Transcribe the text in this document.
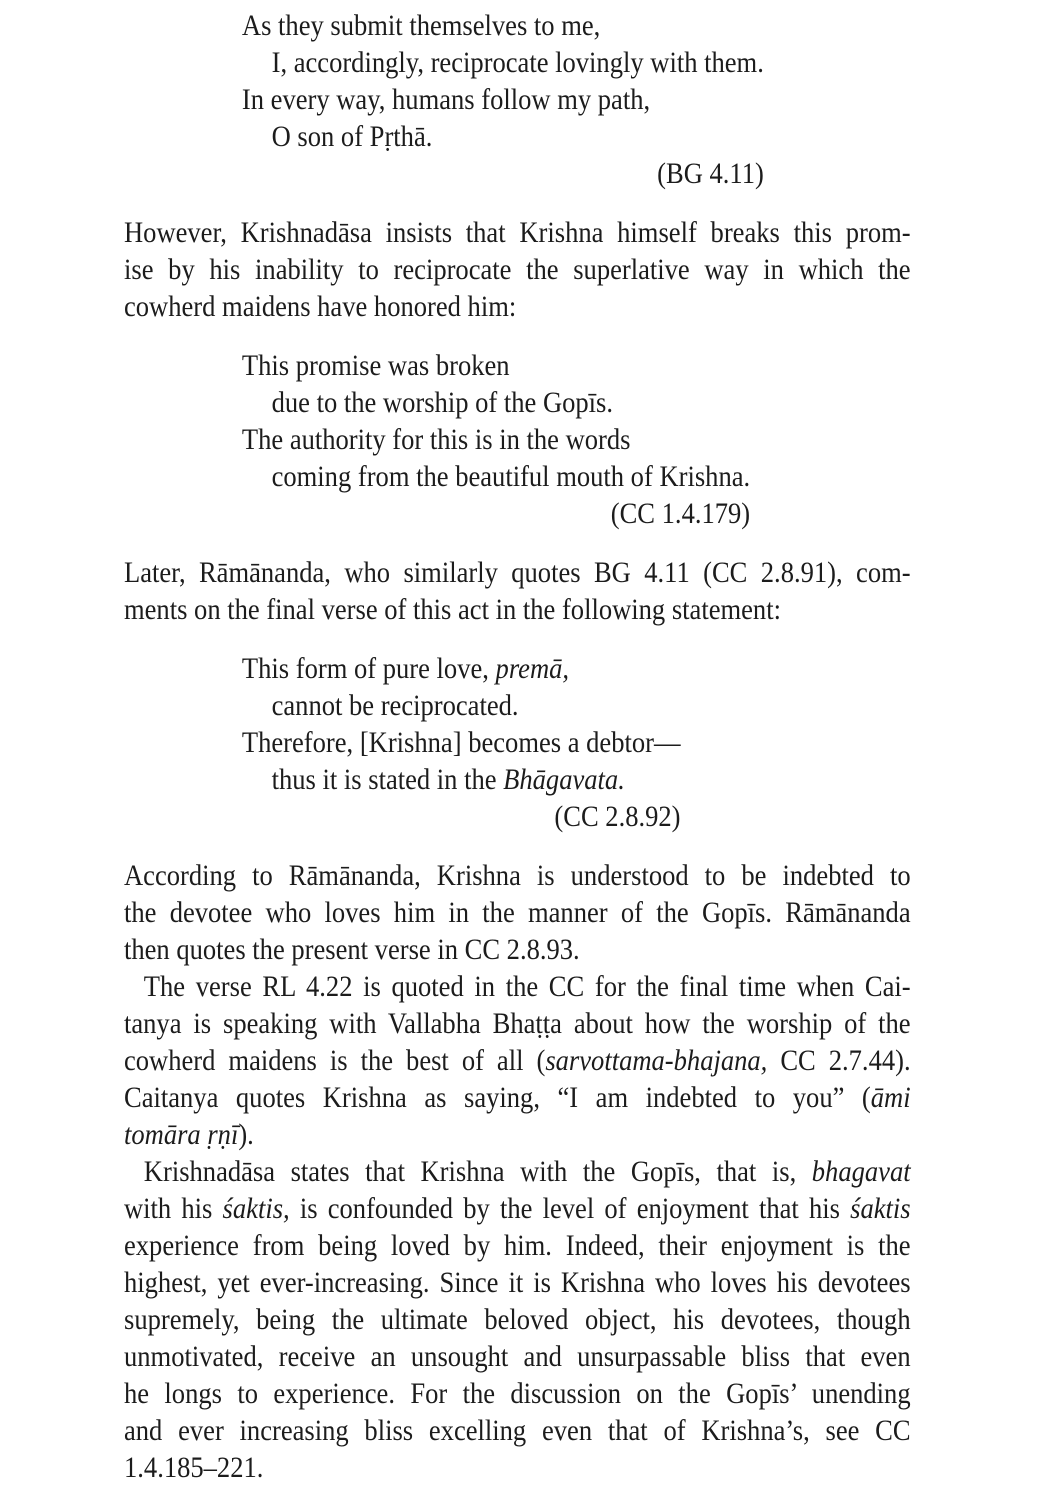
As they submit themselves to me,
I, accordingly, reciprocate lovingly with them.
In every way, humans follow my path,
O son of Pṛthā.
(BG 4.11)
However, Krishnadāsa insists that Krishna himself breaks this prom-
ise by his inability to reciprocate the superlative way in which the
cowherd maidens have honored him:
This promise was broken
due to the worship of the Gopīs.
The authority for this is in the words
coming from the beautiful mouth of Krishna.
(CC 1.4.179)
Later, Rāmānanda, who similarly quotes BG 4.11 (CC 2.8.91), com-
ments on the final verse of this act in the following statement:
This form of pure love, premā,
cannot be reciprocated.
Therefore, [Krishna] becomes a debtor—
thus it is stated in the Bhāgavata.
(CC 2.8.92)
According to Rāmānanda, Krishna is understood to be indebted to
the devotee who loves him in the manner of the Gopīs. Rāmānanda
then quotes the present verse in CC 2.8.93.
The verse RL 4.22 is quoted in the CC for the final time when Cai-
tanya is speaking with Vallabha Bhaṭṭa about how the worship of the
cowherd maidens is the best of all (sarvottama-bhajana, CC 2.7.44).
Caitanya quotes Krishna as saying, “I am indebted to you” (āmi
tomāra ṛṇī).
Krishnadāsa states that Krishna with the Gopīs, that is, bhagavat
with his śaktis, is confounded by the level of enjoyment that his śaktis
experience from being loved by him. Indeed, their enjoyment is the
highest, yet ever-increasing. Since it is Krishna who loves his devotees
supremely, being the ultimate beloved object, his devotees, though
unmotivated, receive an unsought and unsurpassable bliss that even
he longs to experience. For the discussion on the Gopīs’ unending
and ever increasing bliss excelling even that of Krishna’s, see CC
1.4.185–221.
